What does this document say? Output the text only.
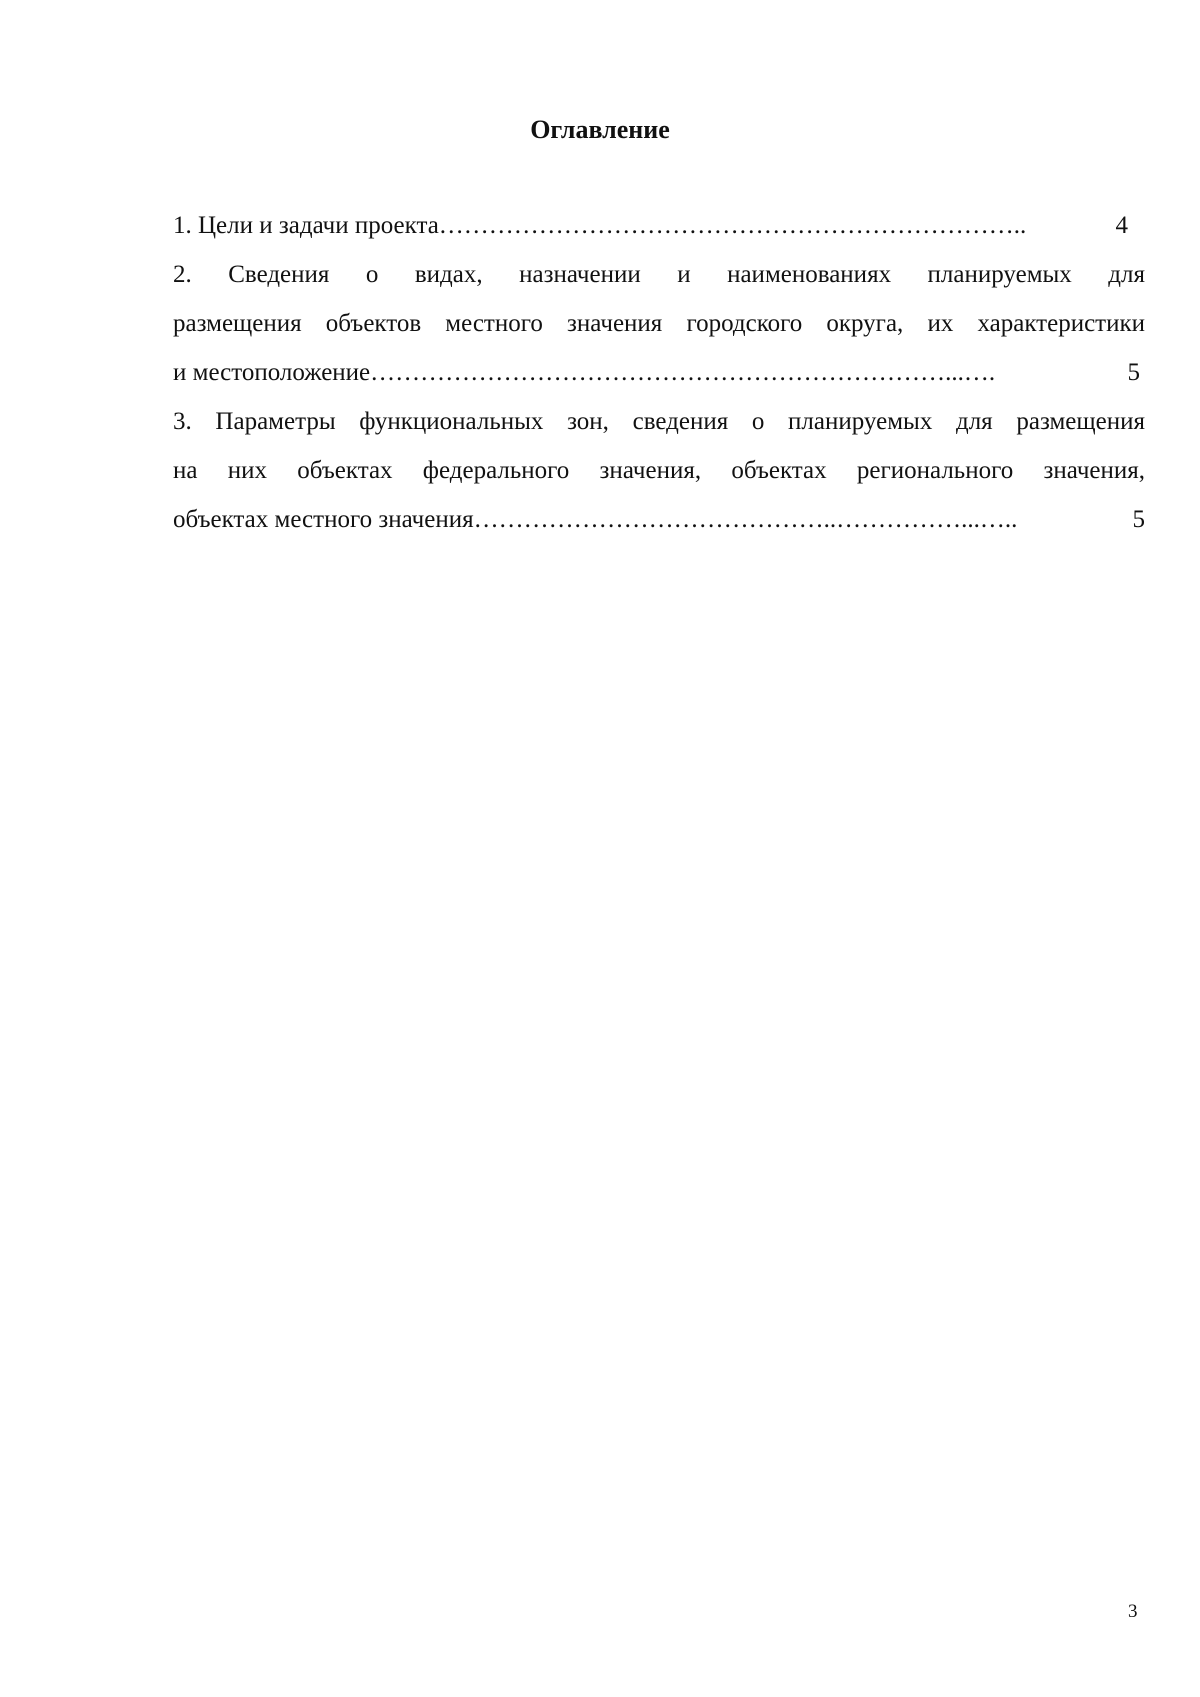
Оглавление
1. Цели и задачи проекта ……………………………………………………………..	4
2. Сведения о видах, назначении и наименованиях планируемых для
размещения объектов местного значения городского округа, их характеристики
и местоположение ……………………………………………………………...….	5
3. Параметры функциональных зон, сведения о планируемых для размещения
на них объектах федерального значения, объектах регионального значения,
объектах местного значения ……………………………………..……………...…..	5
3
